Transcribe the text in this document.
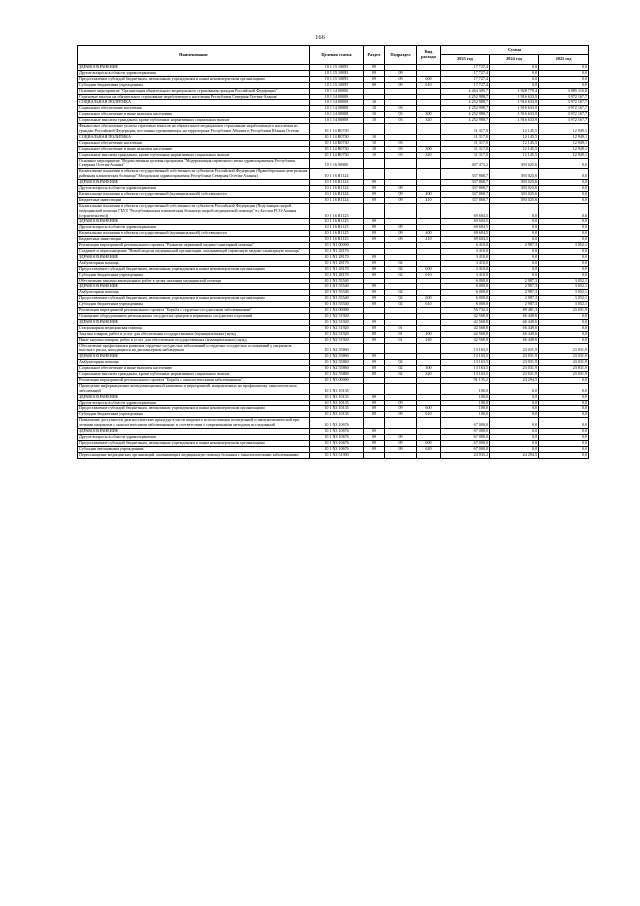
166
Наименование	Целевая статья	Раздел	Подраздел	Вид расхода	Сумма		
					2023 год	2024 год	2025 год
ЗДРАВООХРАНЕНИЕ	10 1 15 10095	09			17 727,4	0,0	0,0
Другие вопросы в области здравоохранения	10 1 15 10095	09	09		17 727,4	0,0	0,0
Предоставление субсидий бюджетным, автономным учреждениям и иным некоммерческим организациям	10 1 15 10095	09	09	600	17 727,4	0,0	0,0
Субсидии бюджетным учреждениям	10 1 15 10095	09	09	610	17 727,4	0,0	0,0
Основное мероприятие "Организация обязательного медицинского страхования граждан Российской Федерации"	10 1 14 00000				4 264 305,7	1 928 779,4	3 985 116,8
Страховые взносы на обязательное страхование неработающего населения Республики Северная Осетия-Алания	10 1 14 00008				4 252 988,7	1 916 633,9	3 972 167,7
СОЦИАЛЬНАЯ ПОЛИТИКА	10 1 14 00008	10			4 252 988,7	1 916 633,9	3 972 167,7
Социальное обеспечение населения	10 1 14 00008	10	03		4 252 988,7	1 916 633,9	3 972 167,7
Социальное обеспечение и иные выплаты населению	10 1 14 00008	10	03	300	4 252 988,7	1 916 633,9	3 972 167,7
Социальные выплаты гражданам, кроме публичных нормативных социальных выплат	10 1 14 00008	10	03	320	4 252 988,7	1 916 633,9	3 972 167,7
Финансовое обеспечение уплаты страховых взносов на обязательное медицинское страхование неработающего населения из граждан Российской Федерации, постоянно проживающих на территориях Республики Абхазия и Республики Южная Осетия	10 1 14 R0730				11 317,0	12 145,5	12 949,1
СОЦИАЛЬНАЯ ПОЛИТИКА	10 1 14 R0730	10			11 317,0	12 145,5	12 949,1
Социальное обеспечение населения	10 1 14 R0730	10	03		11 317,0	12 145,5	12 949,1
Социальное обеспечение и иные выплаты населению	10 1 14 R0730	10	03	300	11 317,0	12 145,5	12 949,1
Социальные выплаты гражданам, кроме публичных нормативных социальных выплат	10 1 14 R0730	10	03	320	11 317,0	12 145,5	12 949,1
Основное мероприятие "Ведомственная целевая программа "Модернизация первичного звена здравоохранения Республики Северная Осетия-Алания"	10 1 16 00000				407 473,2	393 025,6	0,0
Капитальные вложения в объекты государственной собственности субъектов Российской Федерации (Правобережная центральная районная клиническая больница" Моздокская здравоохранения Республики Северная Осетия-Алания)	10 1 16 R1124				337 868,7	393 025,6	0,0
ЗДРАВООХРАНЕНИЕ	10 1 16 R1124	09			337 868,7	393 025,6	0,0
Другие вопросы в области здравоохранения	10 1 16 R1124	09	09		337 868,7	393 025,6	0,0
Капитальные вложения в объекты государственной (муниципальной) собственности	10 1 16 R1124	09	09	400	337 868,7	393 025,6	0,0
Бюджетные инвестиции	10 1 16 R1124	09	09	410	337 868,7	393 025,6	0,0
Капитальные вложения в объекты государственной собственности субъектов Российской Федерации (Подстанция скорой медицинской помощи ГБУЗ "Республиканская клиническая больница скорой медицинской помощи" в г.Беслан РСО-Алания (строительство))	10 1 16 R1125				69 604,5	0,0	0,0
ЗДРАВООХРАНЕНИЕ	10 1 16 R1125	09			69 604,5	0,0	0,0
Другие вопросы в области здравоохранения	10 1 16 R1125	09	09		69 604,5	0,0	0,0
Капитальные вложения в объекты государственной (муниципальной) собственности	10 1 16 R1125	09	09	400	69 604,5	0,0	0,0
Бюджетные инвестиции	10 1 16 R1125	09	09	410	69 604,5	0,0	0,0
Реализация мероприятий регионального проекта "Развитие первичной медико-санитарной помощи"	10 1 N1 00000				6 410,0	2 987,3	3 052,1
Создание и переоснащение "Новой модели медицинской организации, оказывающей первичную медико-санитарную помощь"	10 1 N1 28170				3 410,0	0,0	0,0
ЗДРАВООХРАНЕНИЕ	10 1 N1 28170	09			3 410,0	0,0	0,0
Амбулаторная помощь	10 1 N1 28170	09	02		3 410,0	0,0	0,0
Предоставление субсидий бюджетным, автономным учреждениям и иным некоммерческим организациям	10 1 N1 28170	09	02	600	3 410,0	0,0	0,0
Субсидии бюджетным учреждениям	10 1 N1 28170	09	02	610	3 410,0	0,0	0,0
Обеспечение закупки авиационных работ в целях оказания медицинской помощи	10 1 N1 55540				6 000,0	2 987,3	3 052,1
ЗДРАВООХРАНЕНИЕ	10 1 N1 55540	09			6 000,0	2 987,3	3 052,1
Амбулаторная помощь	10 1 N1 55540	09	02		6 000,0	2 987,3	3 052,1
Предоставление субсидий бюджетным, автономным учреждениям и иным некоммерческим организациям	10 1 N1 55540	09	02	600	6 000,0	2 987,3	3 052,1
Субсидии бюджетным учреждениям	10 1 N1 55540	09	02	610	6 000,0	2 987,3	3 052,1
Реализация мероприятий регионального проекта "Борьба с сердечно-сосудистыми заболеваниями"	10 1 N2 00000				55 732,3	89 481,3	23 031,9
Оснащение оборудованием региональных сосудистых центров и первичных сосудистых отделений	10 1 N2 51920				42 568,8	66 449,6	0,0
ЗДРАВООХРАНЕНИЕ	10 1 N2 51920	09			42 568,8	66 449,6	0,0
Стационарная медицинская помощь	10 1 N2 51920	09	01		42 568,8	66 449,6	0,0
Закупка товаров, работ и услуг для обеспечения государственных (муниципальных) нужд	10 1 N2 51920	09	01	200	42 568,8	66 449,6	0,0
Иные закупки товаров, работ и услуг для обеспечения государственных (муниципальных) нужд	10 1 N2 51920	09	01	240	42 568,8	66 449,6	0,0
Обеспечение профилактики развития сердечно-сосудистых заболеваний и сердечно-сосудистых осложнений у пациентов высокого риска, находящихся на диспансерном наблюдении	10 1 N2 55860				13 163,5	23 031,9	23 031,9
ЗДРАВООХРАНЕНИЕ	10 1 N2 55860	09			13 163,5	23 031,9	23 031,9
Амбулаторная помощь	10 1 N2 55860	09	02		13 163,5	23 031,9	23 031,9
Социальное обеспечение и иные выплаты населению	10 1 N2 55860	09	02	300	13 163,5	23 031,9	23 031,9
Социальные выплаты гражданам, кроме публичных нормативных социальных выплат	10 1 N2 55860	09	02	320	13 163,5	23 031,9	23 031,9
Реализация мероприятий регионального проекта "Борьба с онкологическими заболеваниями"	10 1 N3 00000				91 135,2	24 294,5	0,0
Проведение информационно-коммуникационной кампании и мероприятий, направленных на профилактику онкологических заболеваний	10 1 N3 10135				100,0	0,0	0,0
ЗДРАВООХРАНЕНИЕ	10 1 N3 10135	09			100,0	0,0	0,0
Другие вопросы в области здравоохранения	10 1 N3 10135	09	09		100,0	0,0	0,0
Предоставление субсидий бюджетным, автономным учреждениям и иным некоммерческим организациям	10 1 N3 10135	09	09	600	100,0	0,0	0,0
Субсидии бюджетным учреждениям	10 1 N3 10135	09	09	610	100,0	0,0	0,0
Повышение доступности диагностических процедур в части широкого использования позитронной и иммунохимической при лечении пациентов с онкологическими заболеваниями, в соответствии с современными методами исследований	10 1 N3 10676				67 000,0	0,0	0,0
ЗДРАВООХРАНЕНИЕ	10 1 N3 10676	09			67 000,0	0,0	0,0
Другие вопросы в области здравоохранения	10 1 N3 10676	09	09		67 000,0	0,0	0,0
Предоставление субсидий бюджетным, автономным учреждениям и иным некоммерческим организациям	10 1 N3 10676	09	09	600	67 000,0	0,0	0,0
Субсидии автономным учреждениям	10 1 N3 10676	09	09	620	67 000,0	0,0	0,0
Переоснащение медицинских организаций, оказывающих медицинскую помощь больным с онкологическими заболеваниями	10 1 N3 51900				24 035,2	24 294,5	0,0
